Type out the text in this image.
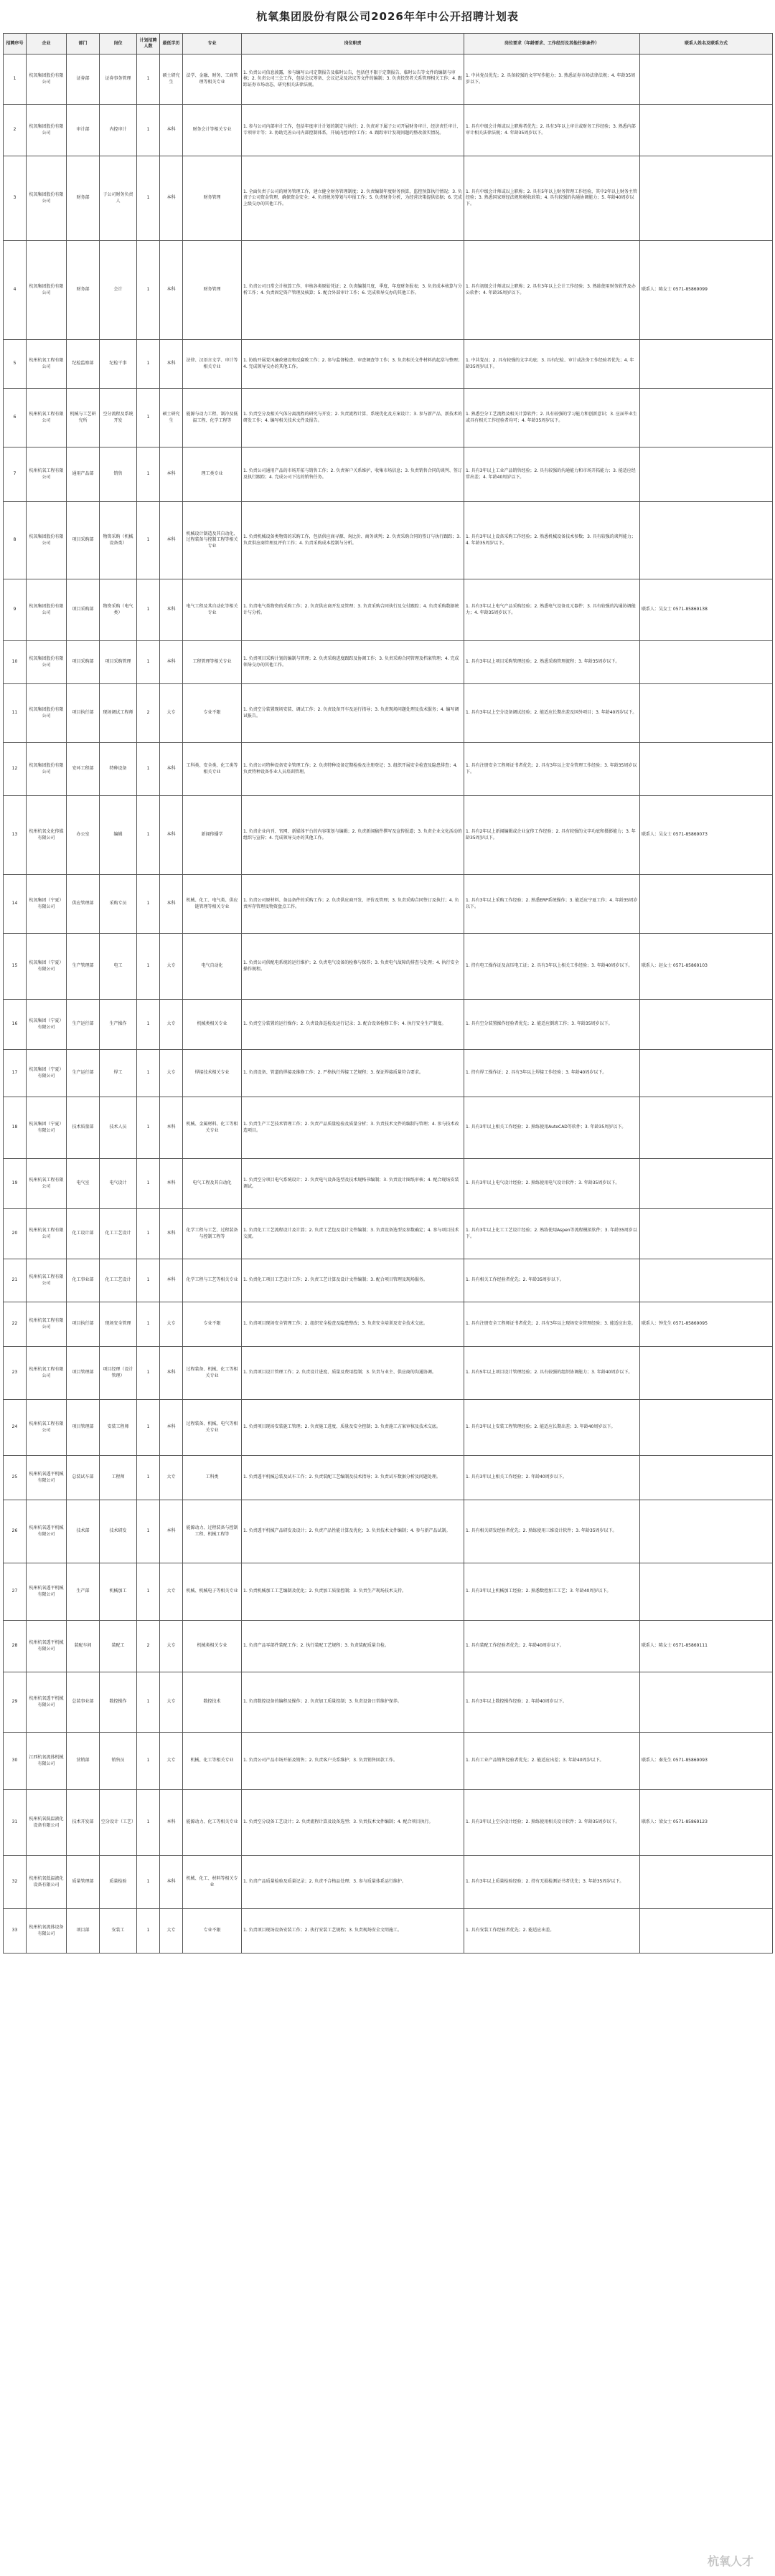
杭氧集团股份有限公司2026年年中公开招聘计划表
招聘序号	企业	部门	岗位	计划招聘人数	最低学历	专业	岗位职责	岗位要求（年龄要求、工作经历及其他任职条件）	联系人姓名及联系方式
1	杭氧集团股份有限公司	证券部	证券事务管理	1	硕士研究生	法学、金融、财务、工商管理等相关专业	1. 负责公司信息披露，参与编写公司定期报告及临时公告，包括但不限于定期报告、临时公告等文件的编制与审核；2. 负责公司三会工作，包括会议筹备、会议记录及决议等文件的编制；3. 负责投资者关系管理相关工作；4. 跟踪证券市场动态，研究相关法律法规。	1. 中共党员优先；2. 具备较强的文字写作能力；3. 熟悉证券市场法律法规；4. 年龄35周岁以下。	
2	杭氧集团股份有限公司	审计部	内控审计	1	本科	财务会计等相关专业	1. 参与公司内部审计工作，包括年度审计计划的制定与执行；2. 负责对下属子公司开展财务审计、经济责任审计、专项审计等；3. 协助完善公司内部控制体系，开展内控评价工作；4. 跟踪审计发现问题的整改落实情况。	1. 具有中级会计师或以上职称者优先；2. 具有3年以上审计或财务工作经验；3. 熟悉内部审计相关法律法规；4. 年龄35周岁以下。	
3	杭氧集团股份有限公司	财务部	子公司财务负责人	1	本科	财务管理	1. 全面负责子公司的财务管理工作，建立健全财务管理制度；2. 负责编制年度财务预算，监控预算执行情况；3. 负责子公司资金管理，确保资金安全；4. 负责税务筹划与申报工作；5. 负责财务分析，为经营决策提供依据；6. 完成上级交办的其他工作。	1. 具有中级会计师或以上职称；2. 具有5年以上财务管理工作经验，其中2年以上财务主管经验；3. 熟悉国家财经法规和税收政策；4. 具有较强的沟通协调能力；5. 年龄40周岁以下。	
4	杭氧集团股份有限公司	财务部	会计	1	本科	财务管理	1. 负责公司日常会计核算工作，审核各类原始凭证；2. 负责编制月度、季度、年度财务报表；3. 负责成本核算与分析工作；4. 负责固定资产管理及核算；5. 配合外部审计工作；6. 完成领导交办的其他工作。	1. 具有初级会计师或以上职称；2. 具有3年以上会计工作经验；3. 熟练使用财务软件及办公软件；4. 年龄35周岁以下。	联系人：陈女士 0571-85869099
5	杭州杭氧工程有限公司	纪检监察部	纪检干事	1	本科	法律、汉语言文学、审计等相关专业	1. 协助开展党风廉政建设和反腐败工作；2. 参与监督检查、审查调查等工作；3. 负责相关文件材料的起草与整理；4. 完成领导交办的其他工作。	1. 中共党员；2. 具有较强的文字功底；3. 具有纪检、审计或法务工作经验者优先；4. 年龄35周岁以下。	
6	杭州杭氧工程有限公司	机械与工艺研究所	空分流程及系统开发	1	硕士研究生	能源与动力工程、制冷及低温工程、化学工程等	1. 负责空分及相关气体分离流程的研究与开发；2. 负责流程计算、系统优化及方案设计；3. 参与新产品、新技术的研发工作；4. 编写相关技术文件及报告。	1. 熟悉空分工艺流程及相关计算软件；2. 具有较强的学习能力和创新意识；3. 应届毕业生或具有相关工作经验者均可；4. 年龄35周岁以下。	
7	杭州杭氧工程有限公司	通用产品部	销售	1	本科	理工类专业	1. 负责公司通用产品的市场开拓与销售工作；2. 负责客户关系维护，收集市场信息；3. 负责销售合同的谈判、签订及执行跟踪；4. 完成公司下达的销售任务。	1. 具有3年以上工业产品销售经验；2. 具有较强的沟通能力和市场开拓能力；3. 能适应经常出差；4. 年龄40周岁以下。	
8	杭氧集团股份有限公司	项目采购部	物资采购（机械设备类）	1	本科	机械设计制造及其自动化、过程装备与控制工程等相关专业	1. 负责机械设备类物资的采购工作，包括供应商寻源、询比价、商务谈判；2. 负责采购合同的签订与执行跟踪；3. 负责供应商管理及评价工作；4. 负责采购成本控制与分析。	1. 具有3年以上设备采购工作经验；2. 熟悉机械设备技术参数；3. 具有较强的谈判能力；4. 年龄35周岁以下。	
9	杭氧集团股份有限公司	项目采购部	物资采购（电气类）	1	本科	电气工程及其自动化等相关专业	1. 负责电气类物资的采购工作；2. 负责供应商开发及管理；3. 负责采购合同执行及交付跟踪；4. 负责采购数据统计与分析。	1. 具有3年以上电气产品采购经验；2. 熟悉电气设备及元器件；3. 具有较强的沟通协调能力；4. 年龄35周岁以下。	联系人：吴女士 0571-85869138
10	杭氧集团股份有限公司	项目采购部	项目采购管理	1	本科	工程管理等相关专业	1. 负责项目采购计划的编制与管理；2. 负责采购进度跟踪及协调工作；3. 负责采购合同管理及档案管理；4. 完成领导交办的其他工作。	1. 具有3年以上项目采购管理经验；2. 熟悉采购管理流程；3. 年龄35周岁以下。	
11	杭氧集团股份有限公司	项目执行部	现场调试工程师	2	大专	专业不限	1. 负责空分装置现场安装、调试工作；2. 负责设备开车及运行指导；3. 负责现场问题处理及技术服务；4. 编写调试报告。	1. 具有3年以上空分设备调试经验；2. 能适应长期出差及国外项目；3. 年龄40周岁以下。	
12	杭氧集团股份有限公司	安环工程部	特种设备	1	本科	工科类、安全类、化工类等相关专业	1. 负责公司特种设备安全管理工作；2. 负责特种设备定期检验及注册登记；3. 组织开展安全检查及隐患排查；4. 负责特种设备作业人员培训管理。	1. 具有注册安全工程师证书者优先；2. 具有3年以上安全管理工作经验；3. 年龄35周岁以下。	
13	杭州杭氧文化传媒有限公司	办公室	编辑	1	本科	新闻传播学	1. 负责企业内刊、官网、新媒体平台的内容策划与编辑；2. 负责新闻稿件撰写及宣传报道；3. 负责企业文化活动的组织与宣传；4. 完成领导交办的其他工作。	1. 具有2年以上新闻编辑或企业宣传工作经验；2. 具有较强的文字功底和摄影能力；3. 年龄35周岁以下。	联系人：吴女士 0571-85869073
14	杭氧集团（宁夏）有限公司	供应管理部	采购专员	1	本科	机械、化工、电气类、供应链管理等相关专业	1. 负责公司原材料、备品备件的采购工作；2. 负责供应商开发、评价及管理；3. 负责采购合同签订及执行；4. 负责库存管理及物资盘点工作。	1. 具有3年以上采购工作经验；2. 熟悉ERP系统操作；3. 能适应宁夏工作；4. 年龄35周岁以下。	
15	杭氧集团（宁夏）有限公司	生产管理部	电工	1	大专	电气自动化	1. 负责公司供配电系统的运行维护；2. 负责电气设备的检修与保养；3. 负责电气故障的排查与处理；4. 执行安全操作规程。	1. 持有电工操作证及高压电工证；2. 具有3年以上相关工作经验；3. 年龄40周岁以下。	联系人：赵女士 0571-85869103
16	杭氧集团（宁夏）有限公司	生产运行部	生产操作	1	大专	机械类相关专业	1. 负责空分装置的运行操作；2. 负责设备巡检及运行记录；3. 配合设备检修工作；4. 执行安全生产制度。	1. 具有空分装置操作经验者优先；2. 能适应倒班工作；3. 年龄35周岁以下。	
17	杭氧集团（宁夏）有限公司	生产运行部	焊工	1	大专	焊接技术相关专业	1. 负责设备、管道的焊接及维修工作；2. 严格执行焊接工艺规程；3. 保证焊接质量符合要求。	1. 持有焊工操作证；2. 具有3年以上焊接工作经验；3. 年龄40周岁以下。	
18	杭氧集团（宁夏）有限公司	技术质量部	技术人员	1	本科	机械、金属材料、化工等相关专业	1. 负责生产工艺技术管理工作；2. 负责产品质量检验及质量分析；3. 负责技术文件的编制与管理；4. 参与技术改造项目。	1. 具有3年以上相关工作经验；2. 熟练使用AutoCAD等软件；3. 年龄35周岁以下。	
19	杭州杭氧工程有限公司	电气室	电气设计	1	本科	电气工程及其自动化	1. 负责空分项目电气系统设计；2. 负责电气设备选型及技术规格书编制；3. 负责设计图纸审核；4. 配合现场安装调试。	1. 具有3年以上电气设计经验；2. 熟练使用电气设计软件；3. 年龄35周岁以下。	
20	杭州杭氧工程有限公司	化工设计部	化工工艺设计	1	本科	化学工程与工艺、过程装备与控制工程等	1. 负责化工工艺流程设计及计算；2. 负责工艺包及设计文件编制；3. 负责设备选型及参数确定；4. 参与项目技术交流。	1. 具有3年以上化工工艺设计经验；2. 熟练使用Aspen等流程模拟软件；3. 年龄35周岁以下。	
21	杭州杭氧工程有限公司	化工事业部	化工工艺设计	1	本科	化学工程与工艺等相关专业	1. 负责化工项目工艺设计工作；2. 负责工艺计算及设计文件编制；3. 配合项目管理及现场服务。	1. 具有相关工作经验者优先；2. 年龄35周岁以下。	
22	杭州杭氧工程有限公司	项目执行部	现场安全管理	1	大专	专业不限	1. 负责项目现场安全管理工作；2. 组织安全检查及隐患整改；3. 负责安全培训及安全技术交底。	1. 具有注册安全工程师证书者优先；2. 具有3年以上现场安全管理经验；3. 能适应出差。	联系人：钟先生 0571-85869095
23	杭州杭氧工程有限公司	项目管理部	项目经理（设计管理）	1	本科	过程装备、机械、化工等相关专业	1. 负责项目设计管理工作；2. 负责设计进度、质量及费用控制；3. 负责与业主、供应商的沟通协调。	1. 具有5年以上项目设计管理经验；2. 具有较强的组织协调能力；3. 年龄40周岁以下。	
24	杭州杭氧工程有限公司	项目管理部	安装工程师	1	本科	过程装备、机械、电气等相关专业	1. 负责项目现场安装施工管理；2. 负责施工进度、质量及安全控制；3. 负责施工方案审核及技术交底。	1. 具有3年以上安装工程管理经验；2. 能适应长期出差；3. 年龄40周岁以下。	
25	杭州杭氧透平机械有限公司	总装试车部	工程师	1	大专	工科类	1. 负责透平机械总装及试车工作；2. 负责装配工艺编制及技术指导；3. 负责试车数据分析及问题处理。	1. 具有3年以上相关工作经验；2. 年龄40周岁以下。	
26	杭州杭氧透平机械有限公司	技术部	技术研发	1	本科	能源动力、过程装备与控制工程、机械工程等	1. 负责透平机械产品研发及设计；2. 负责产品性能计算及优化；3. 负责技术文件编制；4. 参与新产品试制。	1. 具有相关研发经验者优先；2. 熟练使用三维设计软件；3. 年龄35周岁以下。	
27	杭州杭氧透平机械有限公司	生产部	机械加工	1	大专	机械、机械电子等相关专业	1. 负责机械加工工艺编制及优化；2. 负责加工质量控制；3. 负责生产现场技术支持。	1. 具有3年以上机械加工经验；2. 熟悉数控加工工艺；3. 年龄40周岁以下。	
28	杭州杭氧透平机械有限公司	装配车间	装配工	2	大专	机械类相关专业	1. 负责产品零部件装配工作；2. 执行装配工艺规程；3. 负责装配质量自检。	1. 具有装配工作经验者优先；2. 年龄40周岁以下。	联系人：陈女士 0571-85869111
29	杭州杭氧透平机械有限公司	总装事业部	数控操作	1	大专	数控技术	1. 负责数控设备的编程及操作；2. 负责加工质量控制；3. 负责设备日常维护保养。	1. 具有3年以上数控操作经验；2. 年龄40周岁以下。	
30	江西杭氧流体机械有限公司	营销部	销售员	1	大专	机械、化工等相关专业	1. 负责公司产品市场开拓及销售；2. 负责客户关系维护；3. 负责销售回款工作。	1. 具有工业产品销售经验者优先；2. 能适应出差；3. 年龄40周岁以下。	联系人：秦先生 0571-85869093
31	杭州杭氧低温液化设备有限公司	技术开发部	空分设计（工艺）	1	本科	能源动力、化工等相关专业	1. 负责空分设备工艺设计；2. 负责流程计算及设备选型；3. 负责技术文件编制；4. 配合项目执行。	1. 具有3年以上空分设计经验；2. 熟练使用相关设计软件；3. 年龄35周岁以下。	联系人：梁女士 0571-85869123
32	杭州杭氧低温液化设备有限公司	质量管理部	质量检验	1	本科	机械、化工、材料等相关专业	1. 负责产品质量检验及质量记录；2. 负责不合格品处理；3. 参与质量体系运行维护。	1. 具有3年以上质量检验经验；2. 持有无损检测证书者优先；3. 年龄35周岁以下。	
33	杭州杭氧流体设备有限公司	项目部	安装工	1	大专	专业不限	1. 负责项目现场设备安装工作；2. 执行安装工艺规程；3. 负责现场安全文明施工。	1. 具有安装工作经验者优先；2. 能适应出差。	
杭氧人才
